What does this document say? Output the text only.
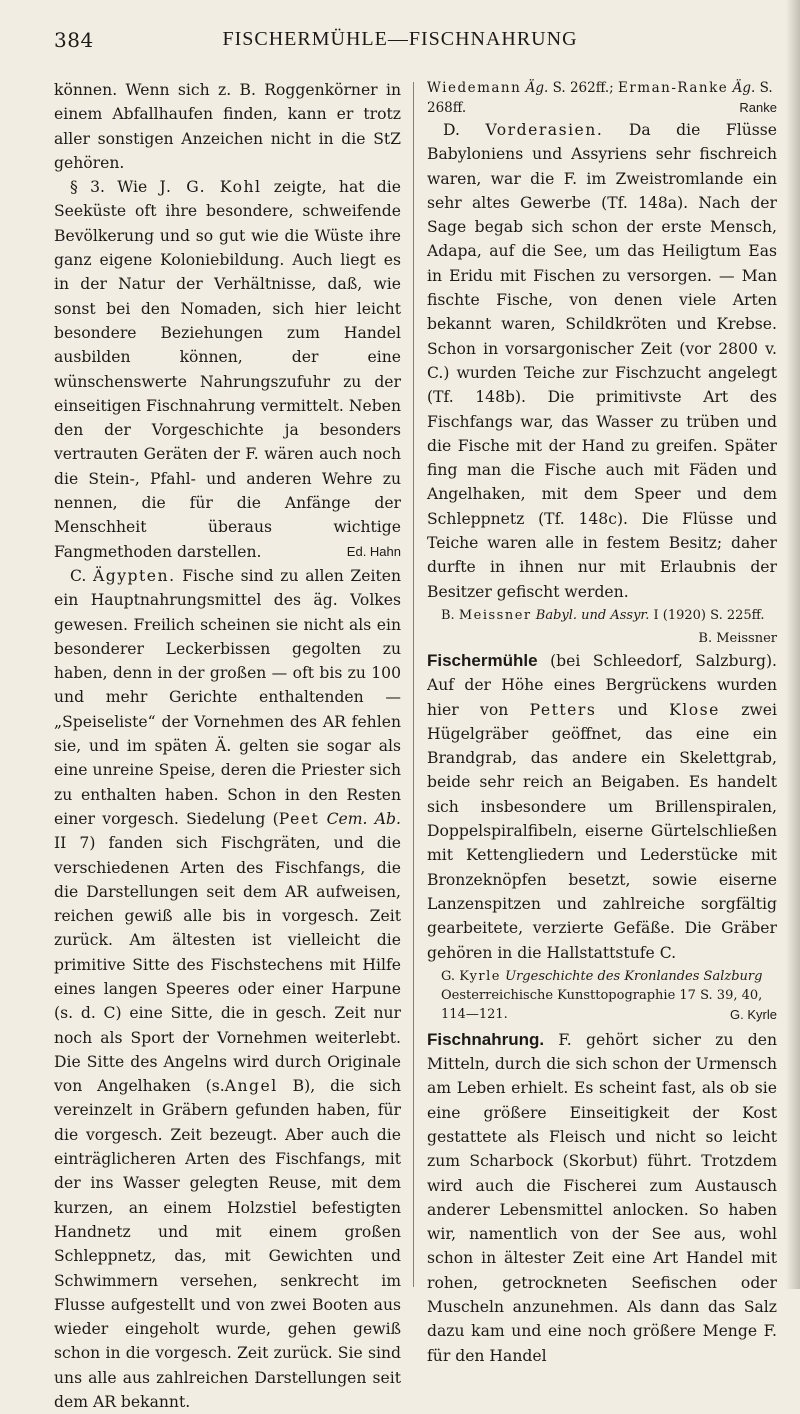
384	FISCHERMÜHLE—FISCHNAHRUNG

können. Wenn sich z. B. Roggenkörner in einem Abfallhaufen finden, kann er trotz aller sonstigen Anzeichen nicht in die StZ gehören.

§ 3. Wie J. G. Kohl zeigte, hat die Seeküste oft ihre besondere, schweifende Bevölkerung und so gut wie die Wüste ihre ganz eigene Koloniebildung. Auch liegt es in der Natur der Verhältnisse, daß, wie sonst bei den Nomaden, sich hier leicht besondere Beziehungen zum Handel ausbilden können, der eine wünschenswerte Nahrungszufuhr zu der einseitigen Fischnahrung vermittelt. Neben den der Vorgeschichte ja besonders vertrauten Geräten der F. wären auch noch die Stein-, Pfahl- und anderen Wehre zu nennen, die für die Anfänge der Menschheit überaus wichtige Fangmethoden darstellen.	Ed. Hahn

C. Ägypten. Fische sind zu allen Zeiten ein Hauptnahrungsmittel des äg. Volkes gewesen. Freilich scheinen sie nicht als ein besonderer Leckerbissen gegolten zu haben, denn in der großen — oft bis zu 100 und mehr Gerichte enthaltenden — „Speiseliste“ der Vornehmen des AR fehlen sie, und im späten Ä. gelten sie sogar als eine unreine Speise, deren die Priester sich zu enthalten haben. Schon in den Resten einer vorgesch. Siedelung (Peet Cem. Ab. II 7) fanden sich Fischgräten, und die verschiedenen Arten des Fischfangs, die die Darstellungen seit dem AR aufweisen, reichen gewiß alle bis in vorgesch. Zeit zurück. Am ältesten ist vielleicht die primitive Sitte des Fischstechens mit Hilfe eines langen Speeres oder einer Harpune (s. d. C) eine Sitte, die in gesch. Zeit nur noch als Sport der Vornehmen weiterlebt. Die Sitte des Angelns wird durch Originale von Angelhaken (s.Angel B), die sich vereinzelt in Gräbern gefunden haben, für die vorgesch. Zeit bezeugt. Aber auch die einträglicheren Arten des Fischfangs, mit der ins Wasser gelegten Reuse, mit dem kurzen, an einem Holzstiel befestigten Handnetz und mit einem großen Schleppnetz, das, mit Gewichten und Schwimmern versehen, senkrecht im Flusse aufgestellt und von zwei Booten aus wieder eingeholt wurde, gehen gewiß schon in die vorgesch. Zeit zurück. Sie sind uns alle aus zahlreichen Darstellungen seit dem AR bekannt.

Wiedemann Äg. S. 262ff.; Erman-Ranke Äg. S. 268ff.	Ranke

D. Vorderasien. Da die Flüsse Babyloniens und Assyriens sehr fischreich waren, war die F. im Zweistromlande ein sehr altes Gewerbe (Tf. 148a). Nach der Sage begab sich schon der erste Mensch, Adapa, auf die See, um das Heiligtum Eas in Eridu mit Fischen zu versorgen. — Man fischte Fische, von denen viele Arten bekannt waren, Schildkröten und Krebse. Schon in vorsargonischer Zeit (vor 2800 v. C.) wurden Teiche zur Fischzucht angelegt (Tf. 148b). Die primitivste Art des Fischfangs war, das Wasser zu trüben und die Fische mit der Hand zu greifen. Später fing man die Fische auch mit Fäden und Angelhaken, mit dem Speer und dem Schleppnetz (Tf. 148c). Die Flüsse und Teiche waren alle in festem Besitz; daher durfte in ihnen nur mit Erlaubnis der Besitzer gefischt werden.

B. Meissner Babyl. und Assyr. I (1920) S. 225ff.

B. Meissner

Fischermühle (bei Schleedorf, Salzburg). Auf der Höhe eines Bergrückens wurden hier von Petters und Klose zwei Hügelgräber geöffnet, das eine ein Brandgrab, das andere ein Skelettgrab, beide sehr reich an Beigaben. Es handelt sich insbesondere um Brillenspiralen, Doppelspiralfibeln, eiserne Gürtelschließen mit Kettengliedern und Lederstücke mit Bronzeknöpfen besetzt, sowie eiserne Lanzenspitzen und zahlreiche sorgfältig gearbeitete, verzierte Gefäße. Die Gräber gehören in die Hallstattstufe C.

G. Kyrle Urgeschichte des Kronlandes Salzburg Oesterreichische Kunsttopographie 17 S. 39, 40, 114—121.	G. Kyrle

Fischnahrung. F. gehört sicher zu den Mitteln, durch die sich schon der Urmensch am Leben erhielt. Es scheint fast, als ob sie eine größere Einseitigkeit der Kost gestattete als Fleisch und nicht so leicht zum Scharbock (Skorbut) führt. Trotzdem wird auch die Fischerei zum Austausch anderer Lebensmittel anlocken. So haben wir, namentlich von der See aus, wohl schon in ältester Zeit eine Art Handel mit rohen, getrockneten Seefischen oder Muscheln anzunehmen. Als dann das Salz dazu kam und eine noch größere Menge F. für den Handel
